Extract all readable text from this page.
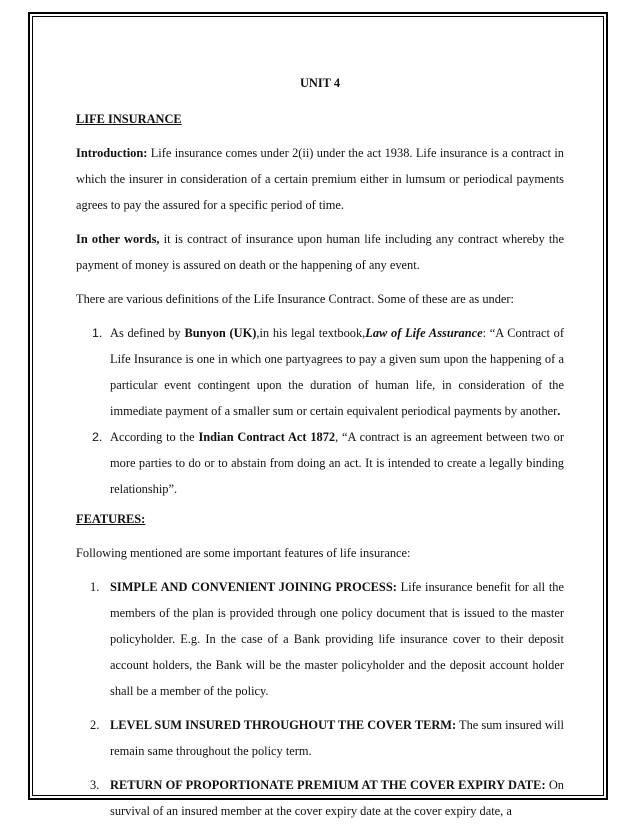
UNIT 4
LIFE INSURANCE

Introduction: Life insurance comes under 2(ii) under the act 1938. Life insurance is a contract in which the insurer in consideration of a certain premium either in lumsum or periodical payments agrees to pay the assured for a specific period of time.

In other words, it is contract of insurance upon human life including any contract whereby the payment of money is assured on death or the happening of any event.

There are various definitions of the Life Insurance Contract. Some of these are as under:

1. As defined by Bunyon (UK),in his legal textbook,Law of Life Assurance: “A Contract of Life Insurance is one in which one partyagrees to pay a given sum upon the happening of a particular event contingent upon the duration of human life, in consideration of the immediate payment of a smaller sum or certain equivalent periodical payments by another.
2. According to the Indian Contract Act 1872, “A contract is an agreement between two or more parties to do or to abstain from doing an act. It is intended to create a legally binding relationship”.
FEATURES:

Following mentioned are some important features of life insurance:

1. SIMPLE AND CONVENIENT JOINING PROCESS: Life insurance benefit for all the members of the plan is provided through one policy document that is issued to the master policyholder. E.g. In the case of a Bank providing life insurance cover to their deposit account holders, the Bank will be the master policyholder and the deposit account holder shall be a member of the policy.
2. LEVEL SUM INSURED THROUGHOUT THE COVER TERM: The sum insured will remain same throughout the policy term.
3. RETURN OF PROPORTIONATE PREMIUM AT THE COVER EXPIRY DATE: On survival of an insured member at the cover expiry date at the cover expiry date, a
